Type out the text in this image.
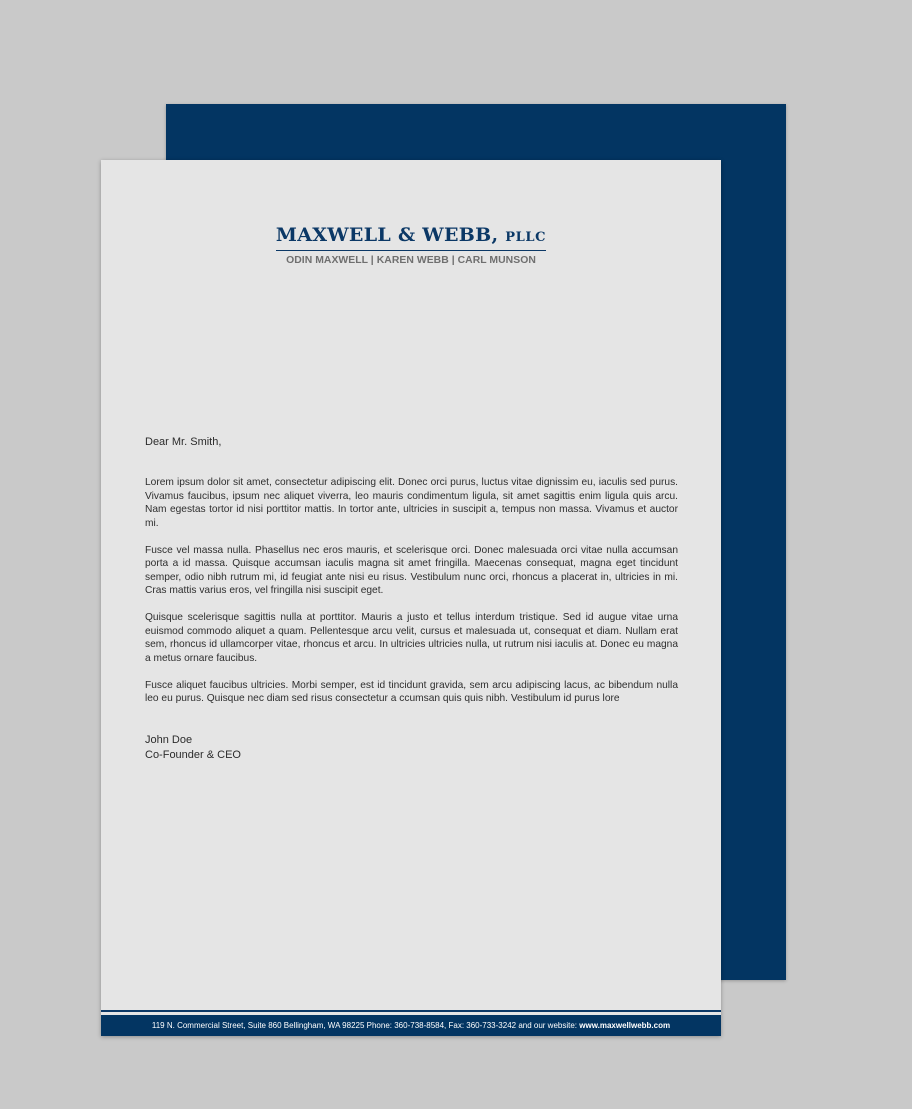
MAXWELL & WEBB, PLLC
ODIN MAXWELL | KAREN WEBB | CARL MUNSON

Dear Mr. Smith,

Lorem ipsum dolor sit amet, consectetur adipiscing elit. Donec orci purus, luctus vitae dignissim eu, iaculis sed purus. Vivamus faucibus, ipsum nec aliquet viverra, leo mauris condimentum ligula, sit amet sagittis enim ligula quis arcu. Nam egestas tortor id nisi porttitor mattis. In tortor ante, ultricies in suscipit a, tempus non massa. Vivamus et auctor mi.

Fusce vel massa nulla. Phasellus nec eros mauris, et scelerisque orci. Donec malesuada orci vitae nulla accumsan porta a id massa. Quisque accumsan iaculis magna sit amet fringilla. Maecenas consequat, magna eget tincidunt semper, odio nibh rutrum mi, id feugiat ante nisi eu risus. Vestibulum nunc orci, rhoncus a placerat in, ultricies in mi. Cras mattis varius eros, vel fringilla nisi suscipit eget.

Quisque scelerisque sagittis nulla at porttitor. Mauris a justo et tellus interdum tristique. Sed id augue vitae urna euismod commodo aliquet a quam. Pellentesque arcu velit, cursus et malesuada ut, consequat et diam. Nullam erat sem, rhoncus id ullamcorper vitae, rhoncus et arcu. In ultricies ultricies nulla, ut rutrum nisi iaculis at. Donec eu magna a metus ornare faucibus.

Fusce aliquet faucibus ultricies. Morbi semper, est id tincidunt gravida, sem arcu adipiscing lacus, ac bibendum nulla leo eu purus. Quisque nec diam sed risus consectetur a ccumsan quis quis nibh. Vestibulum id purus lore

John Doe
Co-Founder & CEO
119 N. Commercial Street, Suite 860 Bellingham, WA 98225 Phone: 360-738-8584, Fax: 360-733-3242 and our website: www.maxwellwebb.com
